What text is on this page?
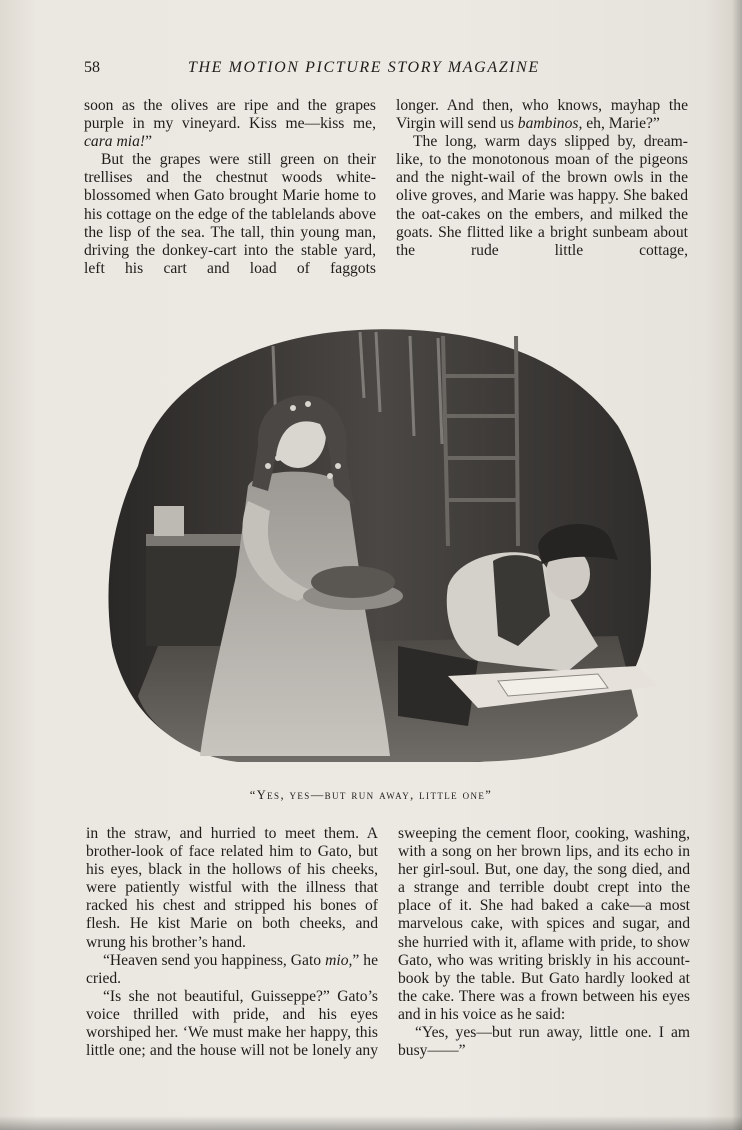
58	THE MOTION PICTURE STORY MAGAZINE

soon as the olives are ripe and the grapes purple in my vineyard. Kiss me—kiss me, cara mia!”

But the grapes were still green on their trellises and the chestnut woods white-blossomed when Gato brought Marie home to his cottage on the edge of the tablelands above the lisp of the sea. The tall, thin young man, driving the donkey-cart into the stable yard, left his cart and load of faggots

longer. And then, who knows, mayhap the Virgin will send us bambinos, eh, Marie?”

The long, warm days slipped by, dream-like, to the monotonous moan of the pigeons and the night-wail of the brown owls in the olive groves, and Marie was happy. She baked the oat-cakes on the embers, and milked the goats. She flitted like a bright sunbeam about the rude little cottage,

“Yes, yes—but run away, little one”

in the straw, and hurried to meet them. A brother-look of face related him to Gato, but his eyes, black in the hollows of his cheeks, were patiently wistful with the illness that racked his chest and stripped his bones of flesh. He kist Marie on both cheeks, and wrung his brother’s hand.

“Heaven send you happiness, Gato mio,” he cried.

“Is she not beautiful, Guisseppe?” Gato’s voice thrilled with pride, and his eyes worshiped her. ‘We must make her happy, this little one; and the house will not be lonely any

sweeping the cement floor, cooking, washing, with a song on her brown lips, and its echo in her girl-soul. But, one day, the song died, and a strange and terrible doubt crept into the place of it. She had baked a cake—a most marvelous cake, with spices and sugar, and she hurried with it, aflame with pride, to show Gato, who was writing briskly in his account-book by the table. But Gato hardly looked at the cake. There was a frown between his eyes and in his voice as he said:

“Yes, yes—but run away, little one. I am busy——”
